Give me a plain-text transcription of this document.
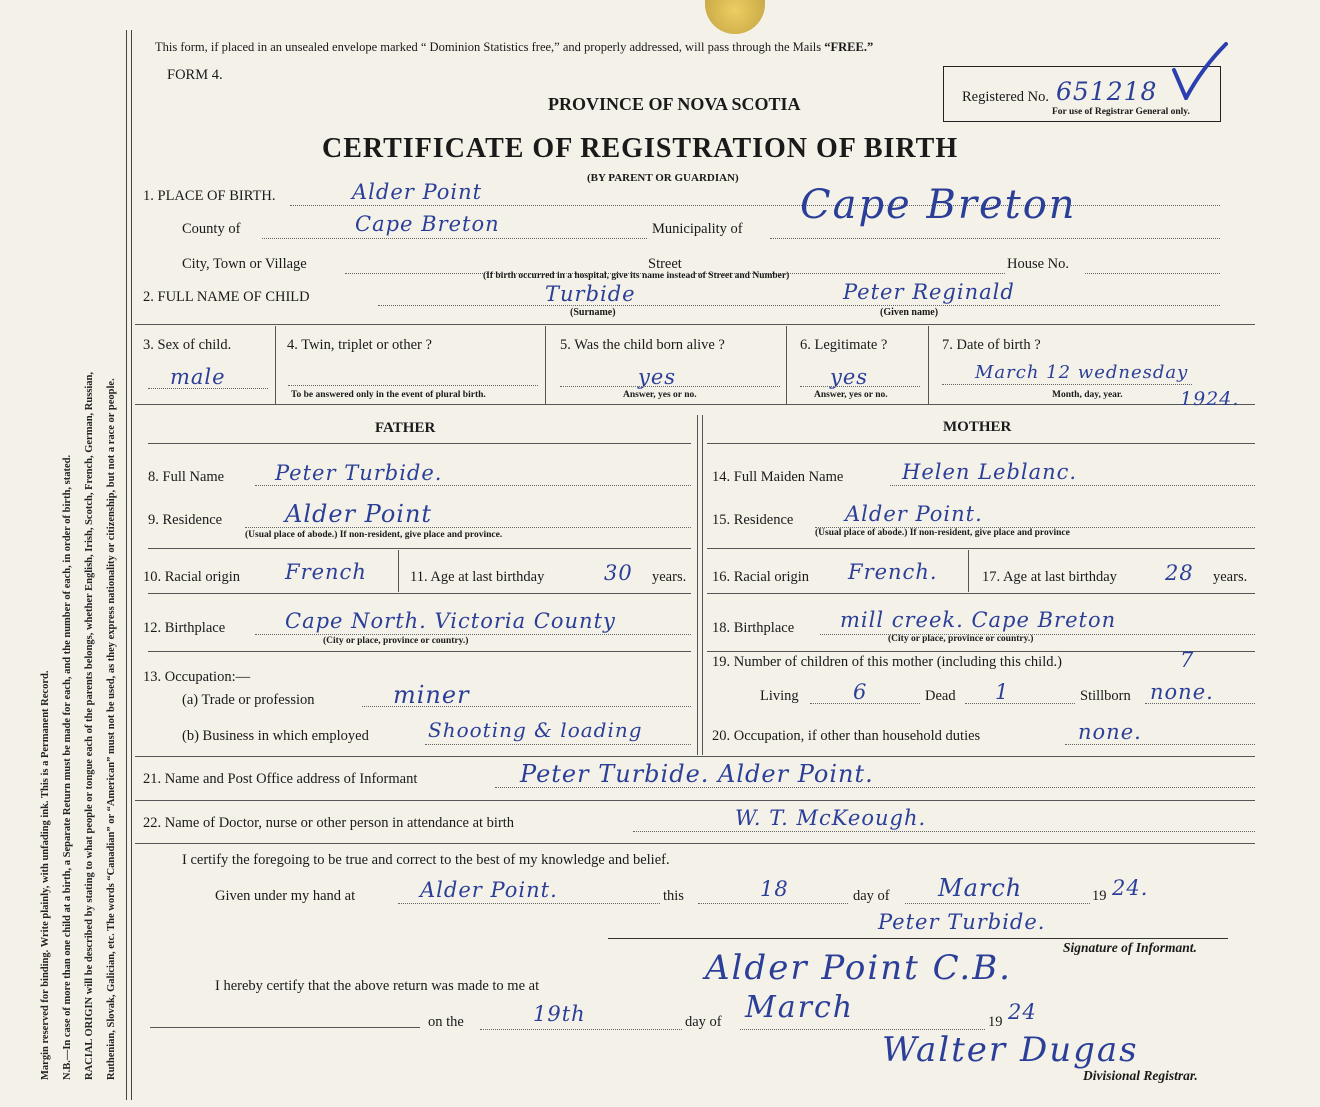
Margin reserved for binding. Write plainly, with unfading ink. This is a Permanent Record. N.B.—In case of more than one child at a birth, a Separate Return must be made for each, and the number of each, in order of birth, stated. RACIAL ORIGIN will be described by stating to what people or tongue each of the parents belongs, whether English, Irish, Scotch, French, German, Russian, Ruthenian, Slovak, Galician, etc. The words “Canadian” or “American” must not be used, as they express nationality or citizenship, but not a race or people.
This form, if placed in an unsealed envelope marked “ Dominion Statistics free,” and properly addressed, will pass through the Mails “FREE.”
FORM 4.
PROVINCE OF NOVA SCOTIA
CERTIFICATE OF REGISTRATION OF BIRTH
(BY PARENT OR GUARDIAN)
Registered No. 651218
For use of Registrar General only.
1. PLACE OF BIRTH.	Alder Point
County of	Cape Breton	Municipality of
Cape Breton
City, Town or Village	Street	House No.
(If birth occurred in a hospital, give its name instead of Street and Number)
2. FULL NAME OF CHILD	Turbide	Peter Reginald
(Surname)	(Given name)
3. Sex of child.
male
4. Twin, triplet or other ?
To be answered only in the event of plural birth.
5. Was the child born alive ?
yes
Answer, yes or no.
6. Legitimate ?
yes
Answer, yes or no.
7. Date of birth ?
March 12 wednesday
Month, day, year.	1924.
FATHER	MOTHER
8. Full Name Peter Turbide.
9. Residence	Alder Point
(Usual place of abode.) If non-resident, give place and province.
10. Racial origin French	11. Age at last birthday	30 years.
12. Birthplace	Cape North. Victoria County
(City or place, province or country.)
13. Occupation:—
(a) Trade or profession	miner
(b) Business in which employed	Shooting & loading
14. Full Maiden Name	Helen Leblanc.
15. Residence Alder Point.
(Usual place of abode.) If non-resident, give place and province
16. Racial origin French.	17. Age at last birthday 28 years.
18. Birthplace mill creek. Cape Breton
(City or place, province or country.)
19. Number of children of this mother (including this child.)	7
Living	6	Dead 1	Stillborn none.
20. Occupation, if other than household duties	none.
21. Name and Post Office address of Informant	Peter Turbide. Alder Point.
22. Name of Doctor, nurse or other person in attendance at birth	W. T. McKeough.
I certify the foregoing to be true and correct to the best of my knowledge and belief.
Given under my hand at	Alder Point.	this	18	day of March	19 24.
Peter Turbide.
Signature of Informant.
I hereby certify that the above return was made to me at	Alder Point C.B.
on the	19th	day of March	19 24
Walter Dugas
Divisional Registrar.
